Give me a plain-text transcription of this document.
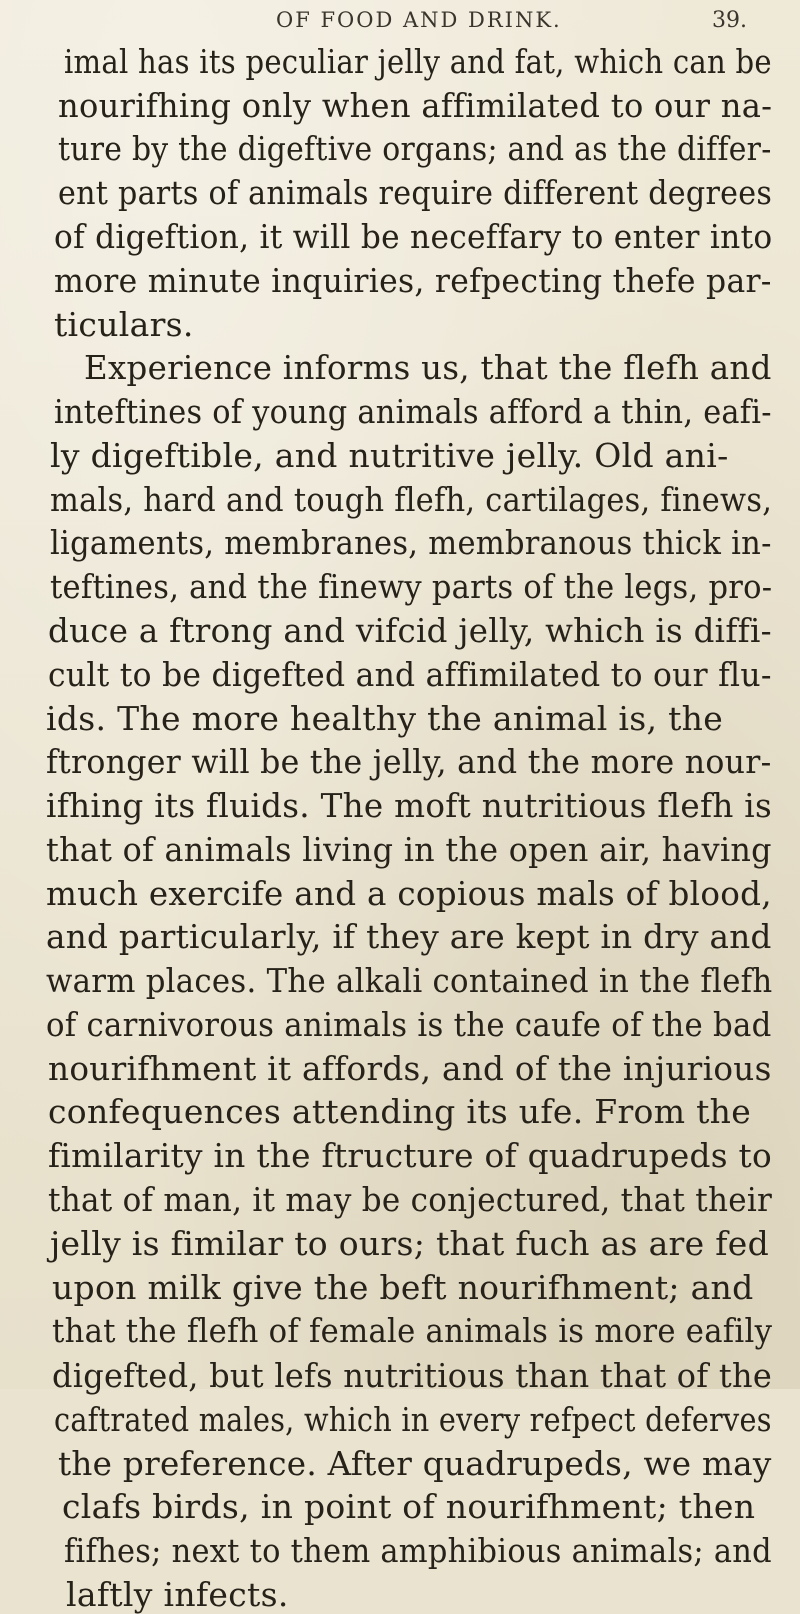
OF FOOD AND DRINK.	39.
imal has its peculiar jelly and fat, which can be
nourifhing only when affimilated to our na-
ture by the digeftive organs; and as the differ-
ent parts of animals require different degrees
of digeftion, it will be neceffary to enter into
more minute inquiries, refpecting thefe par-
ticulars.
Experience informs us, that the flefh and
inteftines of young animals afford a thin, eafi-
ly digeftible, and nutritive jelly. Old ani-
mals, hard and tough flefh, cartilages, finews,
ligaments, membranes, membranous thick in-
teftines, and the finewy parts of the legs, pro-
duce a ftrong and vifcid jelly, which is diffi-
cult to be digefted and affimilated to our flu-
ids. The more healthy the animal is, the
ftronger will be the jelly, and the more nour-
ifhing its fluids. The moft nutritious flefh is
that of animals living in the open air, having
much exercife and a copious mals of blood,
and particularly, if they are kept in dry and
warm places. The alkali contained in the flefh
of carnivorous animals is the caufe of the bad
nourifhment it affords, and of the injurious
confequences attending its ufe. From the
fimilarity in the ftructure of quadrupeds to
that of man, it may be conjectured, that their
jelly is fimilar to ours; that fuch as are fed
upon milk give the beft nourifhment; and
that the flefh of female animals is more eafily
digefted, but lefs nutritious than that of the
caftrated males, which in every refpect deferves
the preference. After quadrupeds, we may
clafs birds, in point of nourifhment; then
fifhes; next to them amphibious animals; and
laftly infects.
